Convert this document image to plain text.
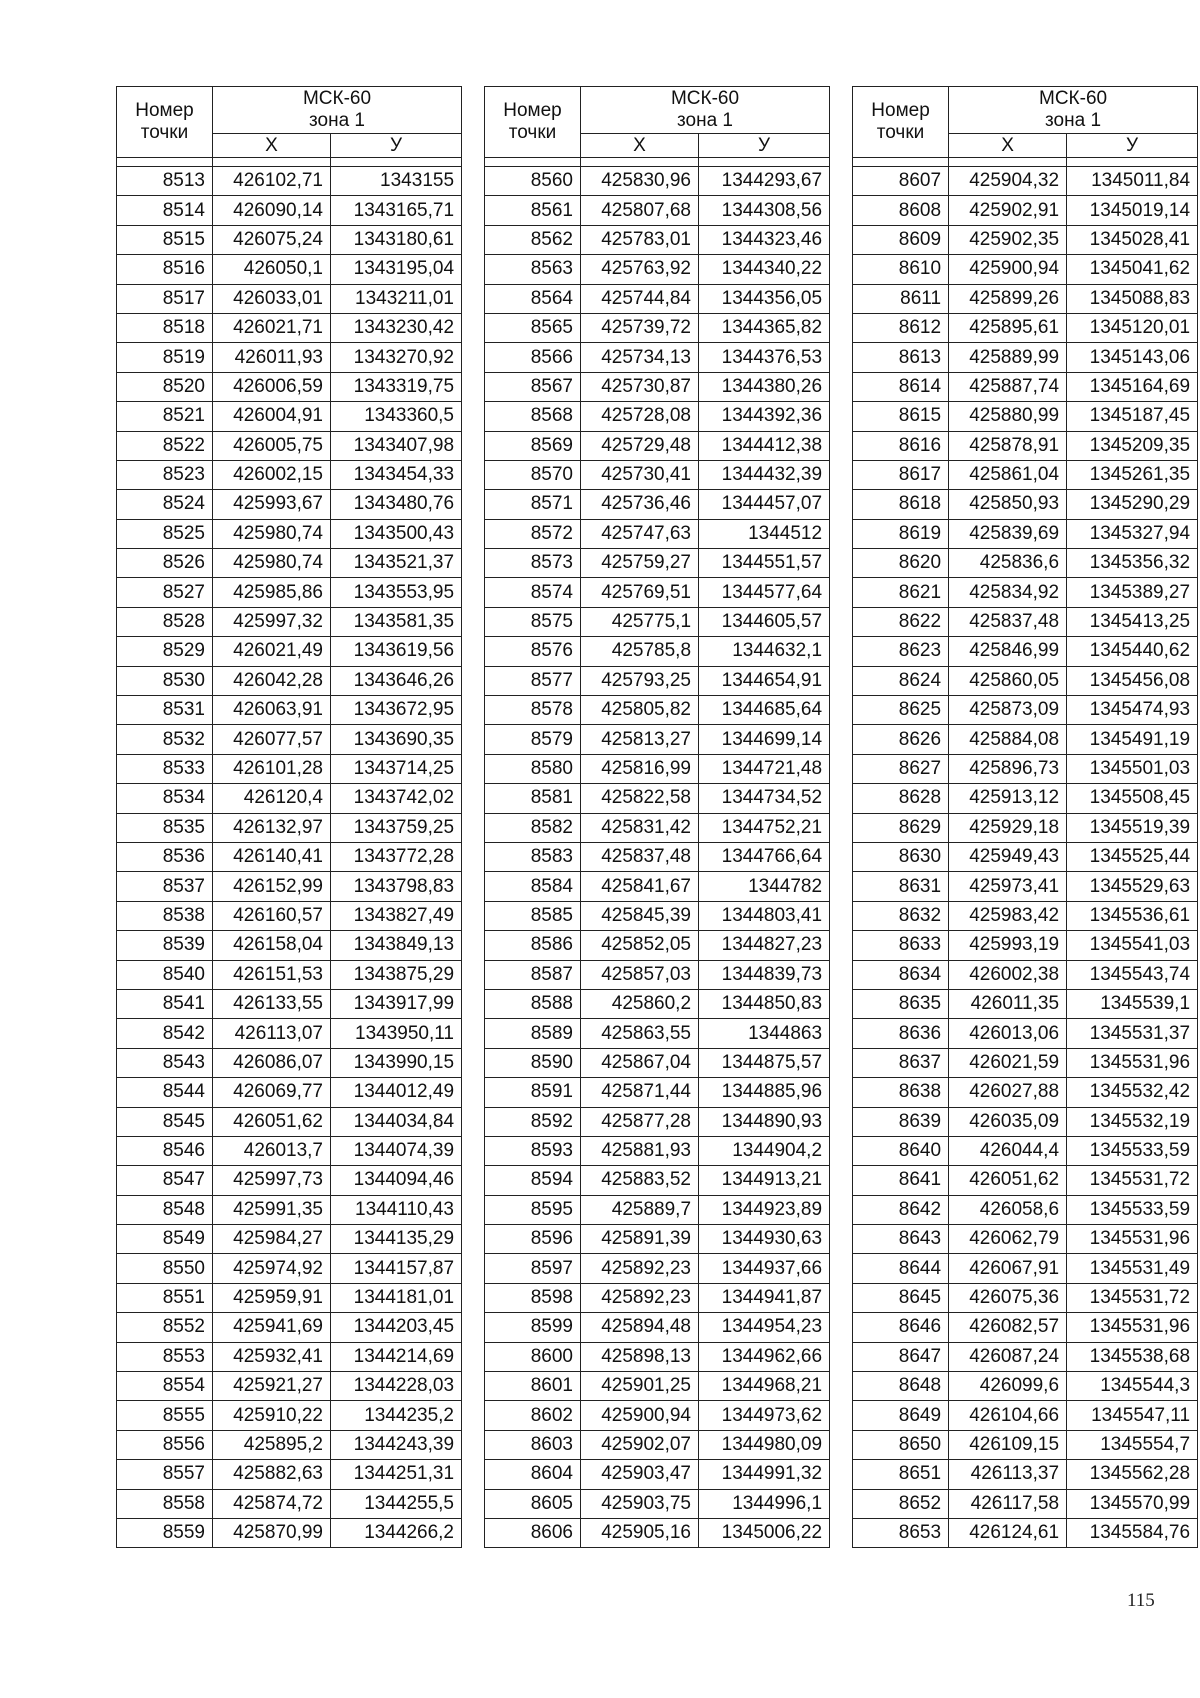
Номер
точки	МСК-60
зона 1	
	Х	У

8513	426102,71	1343155
8514	426090,14	1343165,71
8515	426075,24	1343180,61
8516	426050,1	1343195,04
8517	426033,01	1343211,01
8518	426021,71	1343230,42
8519	426011,93	1343270,92
8520	426006,59	1343319,75
8521	426004,91	1343360,5
8522	426005,75	1343407,98
8523	426002,15	1343454,33
8524	425993,67	1343480,76
8525	425980,74	1343500,43
8526	425980,74	1343521,37
8527	425985,86	1343553,95
8528	425997,32	1343581,35
8529	426021,49	1343619,56
8530	426042,28	1343646,26
8531	426063,91	1343672,95
8532	426077,57	1343690,35
8533	426101,28	1343714,25
8534	426120,4	1343742,02
8535	426132,97	1343759,25
8536	426140,41	1343772,28
8537	426152,99	1343798,83
8538	426160,57	1343827,49
8539	426158,04	1343849,13
8540	426151,53	1343875,29
8541	426133,55	1343917,99
8542	426113,07	1343950,11
8543	426086,07	1343990,15
8544	426069,77	1344012,49
8545	426051,62	1344034,84
8546	426013,7	1344074,39
8547	425997,73	1344094,46
8548	425991,35	1344110,43
8549	425984,27	1344135,29
8550	425974,92	1344157,87
8551	425959,91	1344181,01
8552	425941,69	1344203,45
8553	425932,41	1344214,69
8554	425921,27	1344228,03
8555	425910,22	1344235,2
8556	425895,2	1344243,39
8557	425882,63	1344251,31
8558	425874,72	1344255,5
8559	425870,99	1344266,2
Номер
точки	МСК-60
зона 1	
	Х	У

8560	425830,96	1344293,67
8561	425807,68	1344308,56
8562	425783,01	1344323,46
8563	425763,92	1344340,22
8564	425744,84	1344356,05
8565	425739,72	1344365,82
8566	425734,13	1344376,53
8567	425730,87	1344380,26
8568	425728,08	1344392,36
8569	425729,48	1344412,38
8570	425730,41	1344432,39
8571	425736,46	1344457,07
8572	425747,63	1344512
8573	425759,27	1344551,57
8574	425769,51	1344577,64
8575	425775,1	1344605,57
8576	425785,8	1344632,1
8577	425793,25	1344654,91
8578	425805,82	1344685,64
8579	425813,27	1344699,14
8580	425816,99	1344721,48
8581	425822,58	1344734,52
8582	425831,42	1344752,21
8583	425837,48	1344766,64
8584	425841,67	1344782
8585	425845,39	1344803,41
8586	425852,05	1344827,23
8587	425857,03	1344839,73
8588	425860,2	1344850,83
8589	425863,55	1344863
8590	425867,04	1344875,57
8591	425871,44	1344885,96
8592	425877,28	1344890,93
8593	425881,93	1344904,2
8594	425883,52	1344913,21
8595	425889,7	1344923,89
8596	425891,39	1344930,63
8597	425892,23	1344937,66
8598	425892,23	1344941,87
8599	425894,48	1344954,23
8600	425898,13	1344962,66
8601	425901,25	1344968,21
8602	425900,94	1344973,62
8603	425902,07	1344980,09
8604	425903,47	1344991,32
8605	425903,75	1344996,1
8606	425905,16	1345006,22
Номер
точки	МСК-60
зона 1	
	Х	У

8607	425904,32	1345011,84
8608	425902,91	1345019,14
8609	425902,35	1345028,41
8610	425900,94	1345041,62
8611	425899,26	1345088,83
8612	425895,61	1345120,01
8613	425889,99	1345143,06
8614	425887,74	1345164,69
8615	425880,99	1345187,45
8616	425878,91	1345209,35
8617	425861,04	1345261,35
8618	425850,93	1345290,29
8619	425839,69	1345327,94
8620	425836,6	1345356,32
8621	425834,92	1345389,27
8622	425837,48	1345413,25
8623	425846,99	1345440,62
8624	425860,05	1345456,08
8625	425873,09	1345474,93
8626	425884,08	1345491,19
8627	425896,73	1345501,03
8628	425913,12	1345508,45
8629	425929,18	1345519,39
8630	425949,43	1345525,44
8631	425973,41	1345529,63
8632	425983,42	1345536,61
8633	425993,19	1345541,03
8634	426002,38	1345543,74
8635	426011,35	1345539,1
8636	426013,06	1345531,37
8637	426021,59	1345531,96
8638	426027,88	1345532,42
8639	426035,09	1345532,19
8640	426044,4	1345533,59
8641	426051,62	1345531,72
8642	426058,6	1345533,59
8643	426062,79	1345531,96
8644	426067,91	1345531,49
8645	426075,36	1345531,72
8646	426082,57	1345531,96
8647	426087,24	1345538,68
8648	426099,6	1345544,3
8649	426104,66	1345547,11
8650	426109,15	1345554,7
8651	426113,37	1345562,28
8652	426117,58	1345570,99
8653	426124,61	1345584,76
115
